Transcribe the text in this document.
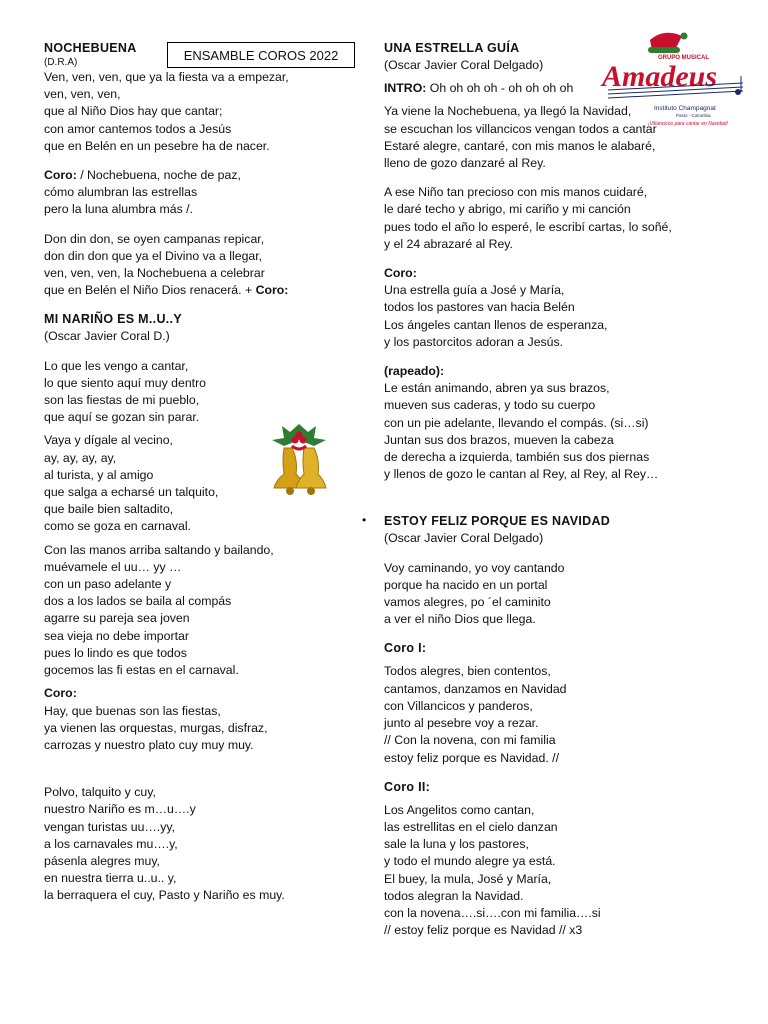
ENSAMBLE COROS 2022	GRUPO MUSICAL
Amadeus
Instituto Champagnat
Pasto - Colombia
¡Villancicos para cantar en Navidad!
NOCHEBUENA
(D.R.A)
Ven, ven, ven, que ya la fiesta va a empezar,
ven, ven, ven,
que al Niño Dios hay que cantar;
con amor cantemos todos a Jesús
que en Belén en un pesebre ha de nacer.
Coro: / Nochebuena, noche de paz,
cómo alumbran las estrellas
pero la luna alumbra más /.
Don din don, se oyen campanas repicar,
don din don que ya el Divino va a llegar,
ven, ven, ven, la Nochebuena a celebrar
que en Belén el Niño Dios renacerá. + Coro:
MI NARIÑO ES M..U..Y
(Oscar Javier Coral D.)
Lo que les vengo a cantar,
lo que siento aquí muy dentro
son las fiestas de mi pueblo,
que aquí se gozan sin parar.
Vaya y dígale al vecino,
ay, ay, ay, ay,
al turista, y al amigo
que salga a echarsé un talquito,
que baile bien saltadito,
como se goza en carnaval.
Con las manos arriba saltando y bailando,
muévamele el uu… yy …
con un paso adelante y
dos a los lados se baila al compás
agarre su pareja sea joven
sea vieja no debe importar
pues lo lindo es que todos
gocemos las fi estas en el carnaval.
Coro:
Hay, que buenas son las fiestas,
ya vienen las orquestas, murgas, disfraz,
carrozas y nuestro plato cuy muy muy.
Polvo, talquito y cuy,
nuestro Nariño es m…u….y
vengan turistas uu….yy,
a los carnavales mu….y,
pásenla alegres muy,
en nuestra tierra u..u.. y,
la berraquera el cuy, Pasto y Nariño es muy.
UNA ESTRELLA GUÍA
(Oscar Javier Coral Delgado)
INTRO: Oh oh oh oh - oh oh oh oh
Ya viene la Nochebuena, ya llegó la Navidad,
se escuchan los villancicos vengan todos a cantar
Estaré alegre, cantaré, con mis manos le alabaré,
lleno de gozo danzaré al Rey.
A ese Niño tan precioso con mis manos cuidaré,
le daré techo y abrigo, mi cariño y mi canción
pues todo el año lo esperé, le escribí cartas, lo soñé,
y el 24 abrazaré al Rey.
Coro:
Una estrella guía a José y María,
todos los pastores van hacia Belén
Los ángeles cantan llenos de esperanza,
y los pastorcitos adoran a Jesús.
(rapeado):
Le están animando, abren ya sus brazos,
mueven sus caderas, y todo su cuerpo
con un pie adelante, llevando el compás. (si…si)
Juntan sus dos brazos, mueven la cabeza
de derecha a izquierda, también sus dos piernas
y llenos de gozo le cantan al Rey, al Rey, al Rey…
• ESTOY FELIZ PORQUE ES NAVIDAD
(Oscar Javier Coral Delgado)
Voy caminando, yo voy cantando
porque ha nacido en un portal
vamos alegres, po ´el caminito
a ver el niño Dios que llega.
Coro I:
Todos alegres, bien contentos,
cantamos, danzamos en Navidad
con Villancicos y panderos,
junto al pesebre voy a rezar.
// Con la novena, con mi familia
estoy feliz porque es Navidad. //
Coro II:
Los Angelitos como cantan,
las estrellitas en el cielo danzan
sale la luna y los pastores,
y todo el mundo alegre ya está.
El buey, la mula, José y María,
todos alegran la Navidad.
con la novena….si….con mi familia….si
// estoy feliz porque es Navidad // x3
